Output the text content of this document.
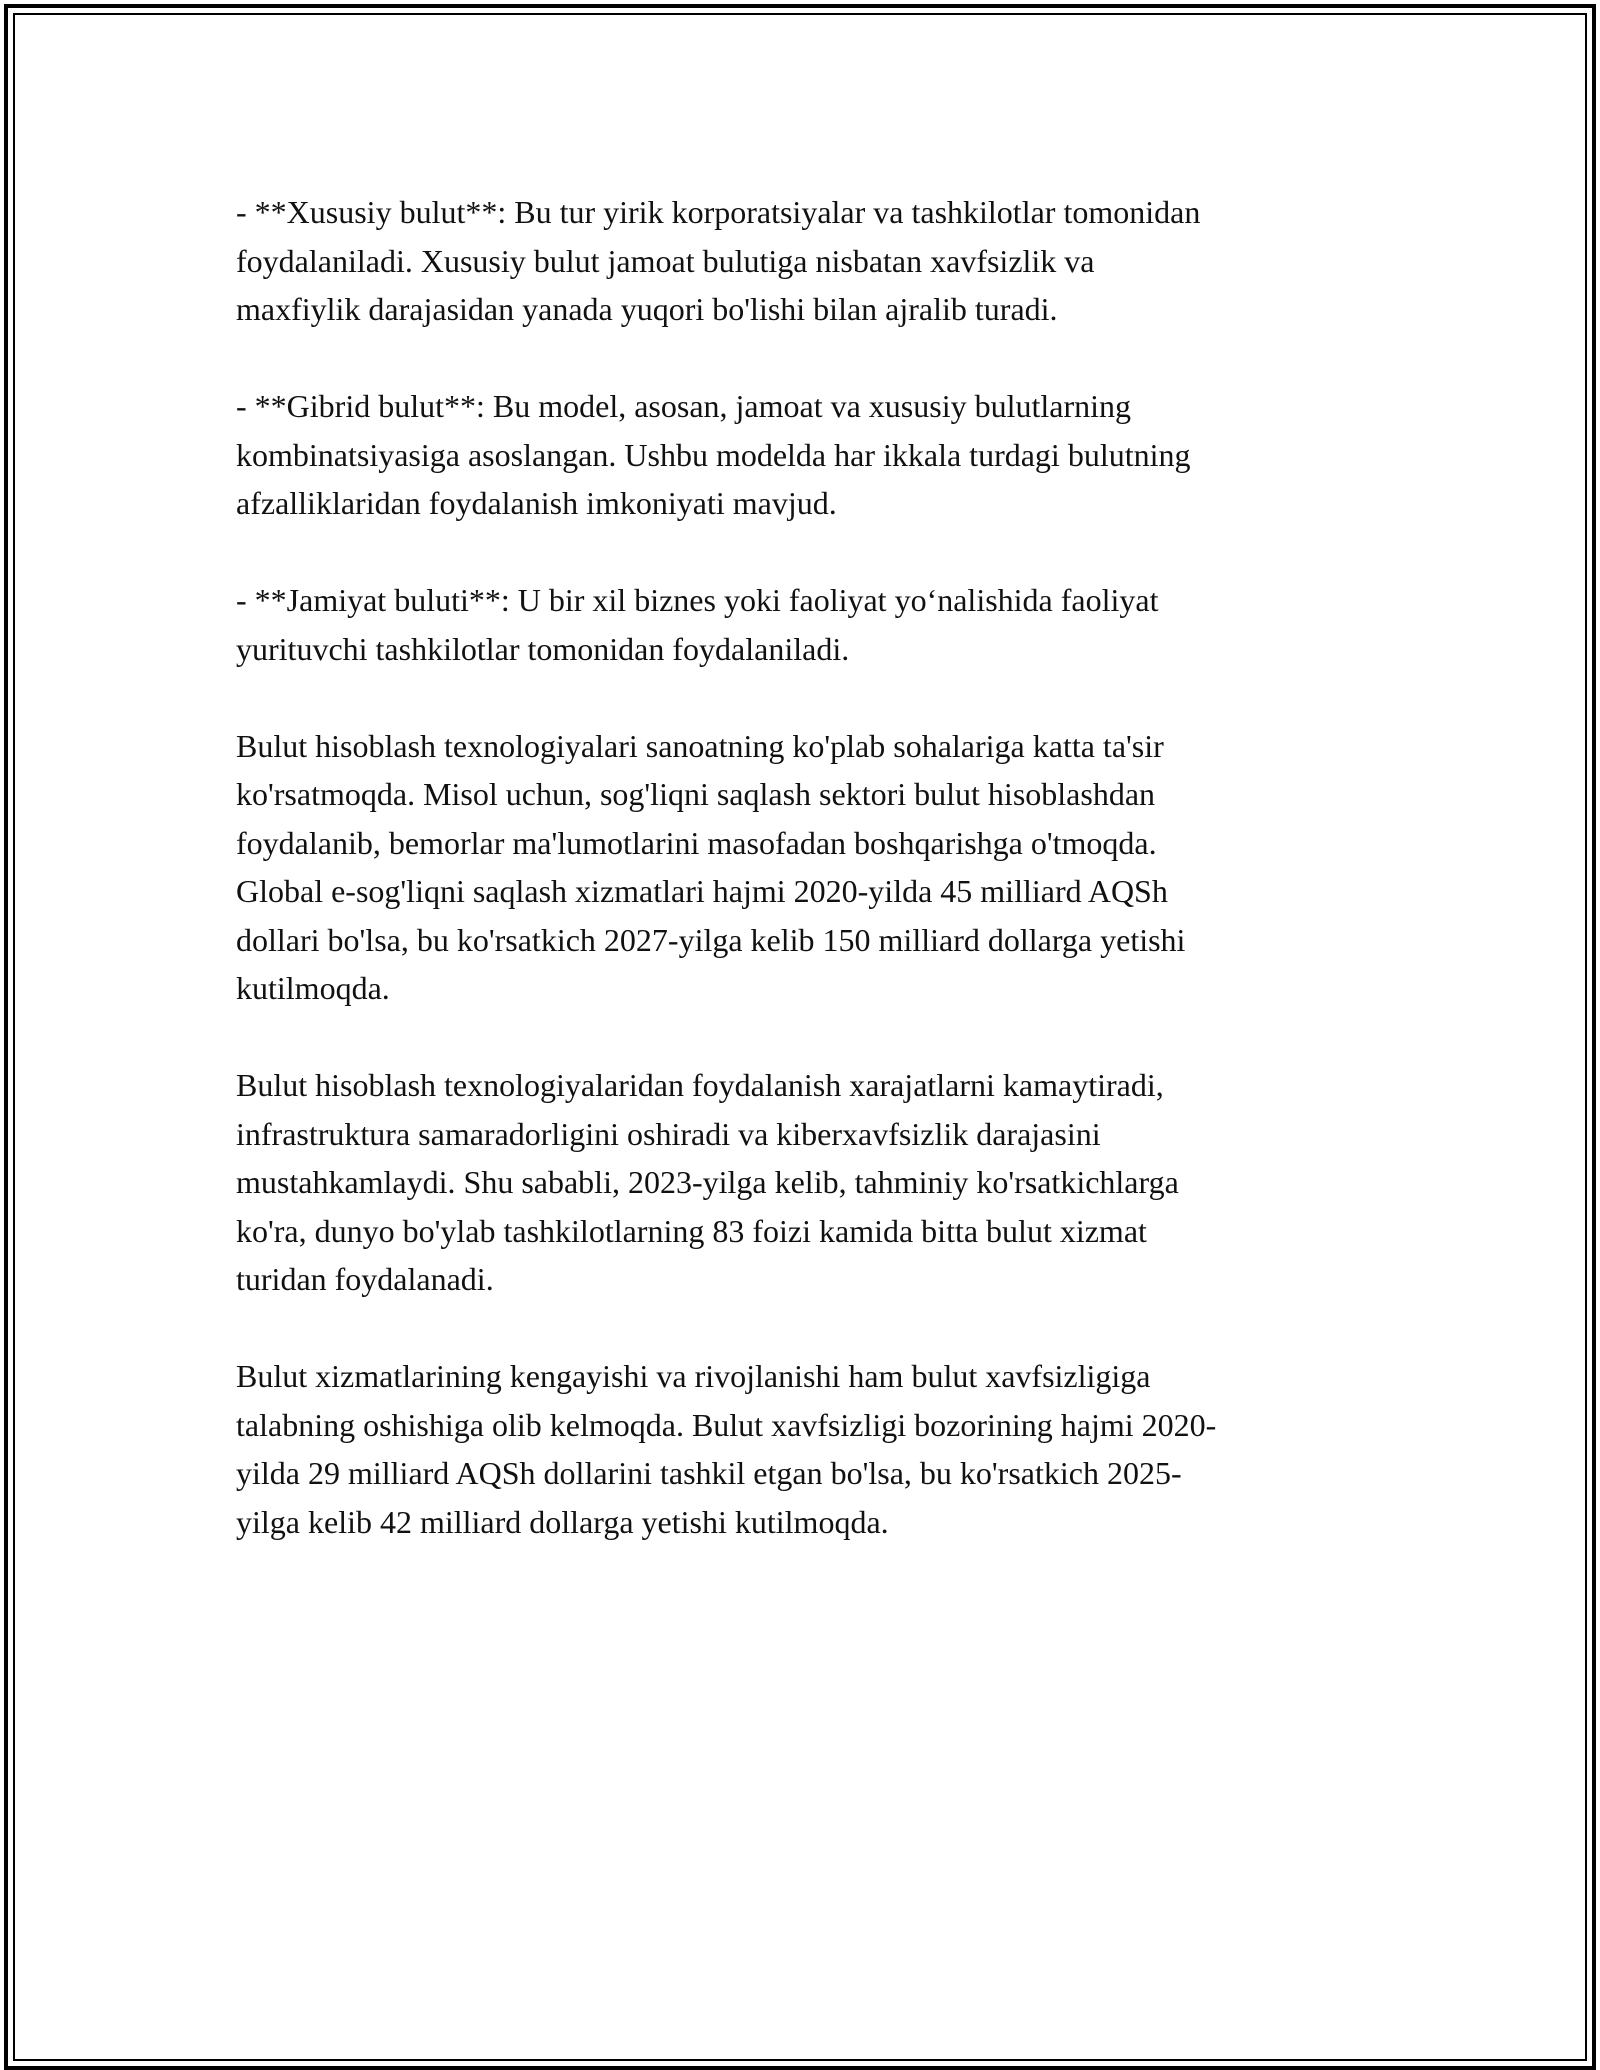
- **Xususiy bulut**: Bu tur yirik korporatsiyalar va tashkilotlar tomonidan
foydalaniladi. Xususiy bulut jamoat bulutiga nisbatan xavfsizlik va
maxfiylik darajasidan yanada yuqori bo'lishi bilan ajralib turadi.

- **Gibrid bulut**: Bu model, asosan, jamoat va xususiy bulutlarning
kombinatsiyasiga asoslangan. Ushbu modelda har ikkala turdagi bulutning
afzalliklaridan foydalanish imkoniyati mavjud.

- **Jamiyat buluti**: U bir xil biznes yoki faoliyat yo‘nalishida faoliyat
yurituvchi tashkilotlar tomonidan foydalaniladi.

Bulut hisoblash texnologiyalari sanoatning ko'plab sohalariga katta ta'sir
ko'rsatmoqda. Misol uchun, sog'liqni saqlash sektori bulut hisoblashdan
foydalanib, bemorlar ma'lumotlarini masofadan boshqarishga o'tmoqda.
Global e-sog'liqni saqlash xizmatlari hajmi 2020-yilda 45 milliard AQSh
dollari bo'lsa, bu ko'rsatkich 2027-yilga kelib 150 milliard dollarga yetishi
kutilmoqda.

Bulut hisoblash texnologiyalaridan foydalanish xarajatlarni kamaytiradi,
infrastruktura samaradorligini oshiradi va kiberxavfsizlik darajasini
mustahkamlaydi. Shu sababli, 2023-yilga kelib, tahminiy ko'rsatkichlarga
ko'ra, dunyo bo'ylab tashkilotlarning 83 foizi kamida bitta bulut xizmat
turidan foydalanadi.

Bulut xizmatlarining kengayishi va rivojlanishi ham bulut xavfsizligiga
talabning oshishiga olib kelmoqda. Bulut xavfsizligi bozorining hajmi 2020-
yilda 29 milliard AQSh dollarini tashkil etgan bo'lsa, bu ko'rsatkich 2025-
yilga kelib 42 milliard dollarga yetishi kutilmoqda.
